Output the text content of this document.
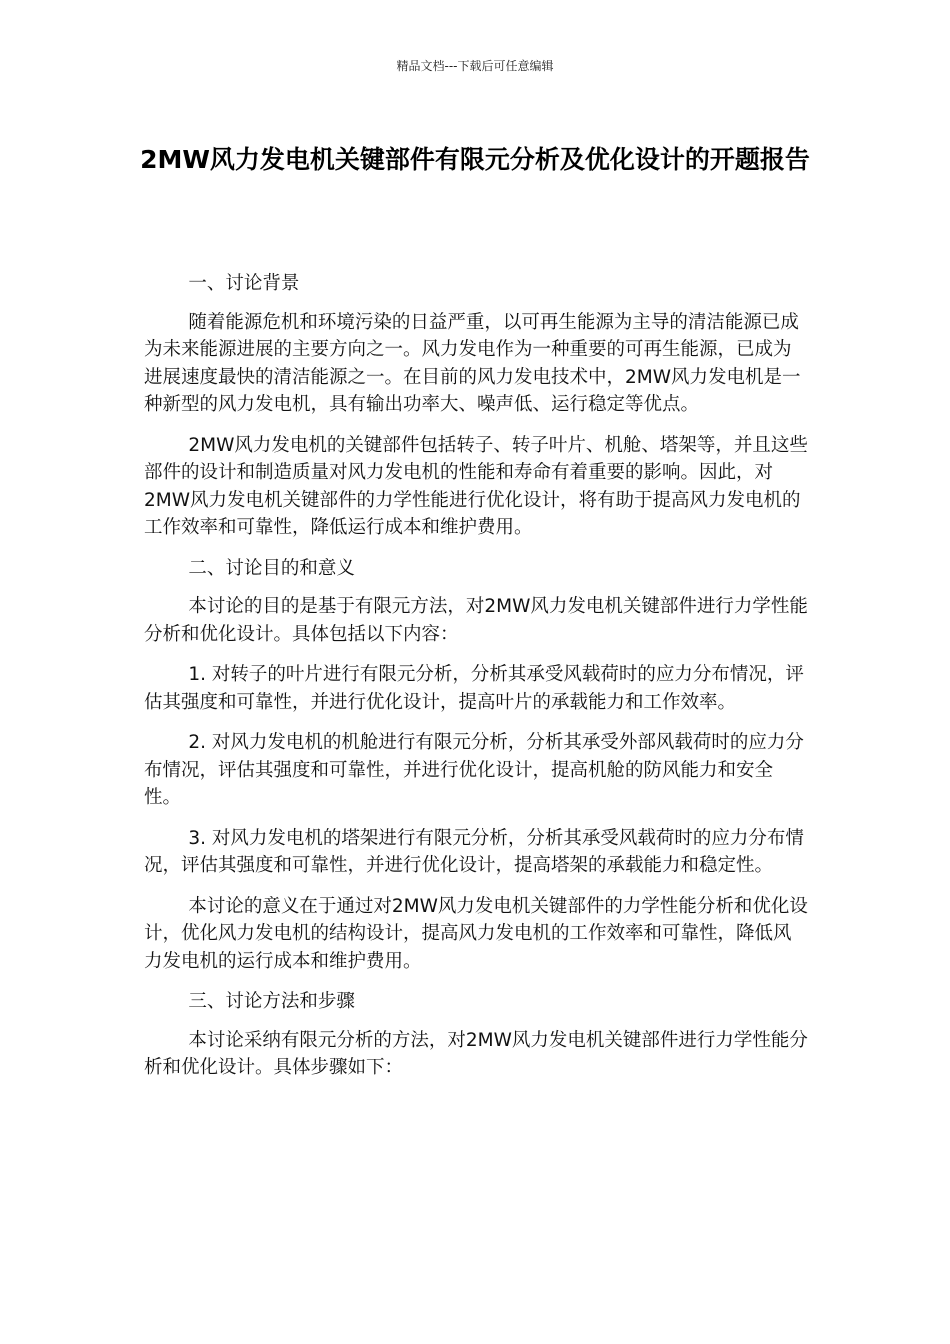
精品文档---下载后可任意编辑
2MW风力发电机关键部件有限元分析及优化设计的开题报告

一、讨论背景

随着能源危机和环境污染的日益严重，以可再生能源为主导的清洁能源已成为未来能源进展的主要方向之一。风力发电作为一种重要的可再生能源，已成为进展速度最快的清洁能源之一。在目前的风力发电技术中，2MW风力发电机是一种新型的风力发电机，具有输出功率大、噪声低、运行稳定等优点。

2MW风力发电机的关键部件包括转子、转子叶片、机舱、塔架等，并且这些部件的设计和制造质量对风力发电机的性能和寿命有着重要的影响。因此，对2MW风力发电机关键部件的力学性能进行优化设计，将有助于提高风力发电机的工作效率和可靠性，降低运行成本和维护费用。

二、讨论目的和意义

本讨论的目的是基于有限元方法，对2MW风力发电机关键部件进行力学性能分析和优化设计。具体包括以下内容：

1. 对转子的叶片进行有限元分析，分析其承受风载荷时的应力分布情况，评估其强度和可靠性，并进行优化设计，提高叶片的承载能力和工作效率。

2. 对风力发电机的机舱进行有限元分析，分析其承受外部风载荷时的应力分布情况，评估其强度和可靠性，并进行优化设计，提高机舱的防风能力和安全性。

3. 对风力发电机的塔架进行有限元分析，分析其承受风载荷时的应力分布情况，评估其强度和可靠性，并进行优化设计，提高塔架的承载能力和稳定性。

本讨论的意义在于通过对2MW风力发电机关键部件的力学性能分析和优化设计，优化风力发电机的结构设计，提高风力发电机的工作效率和可靠性，降低风力发电机的运行成本和维护费用。

三、讨论方法和步骤

本讨论采纳有限元分析的方法，对2MW风力发电机关键部件进行力学性能分析和优化设计。具体步骤如下：
